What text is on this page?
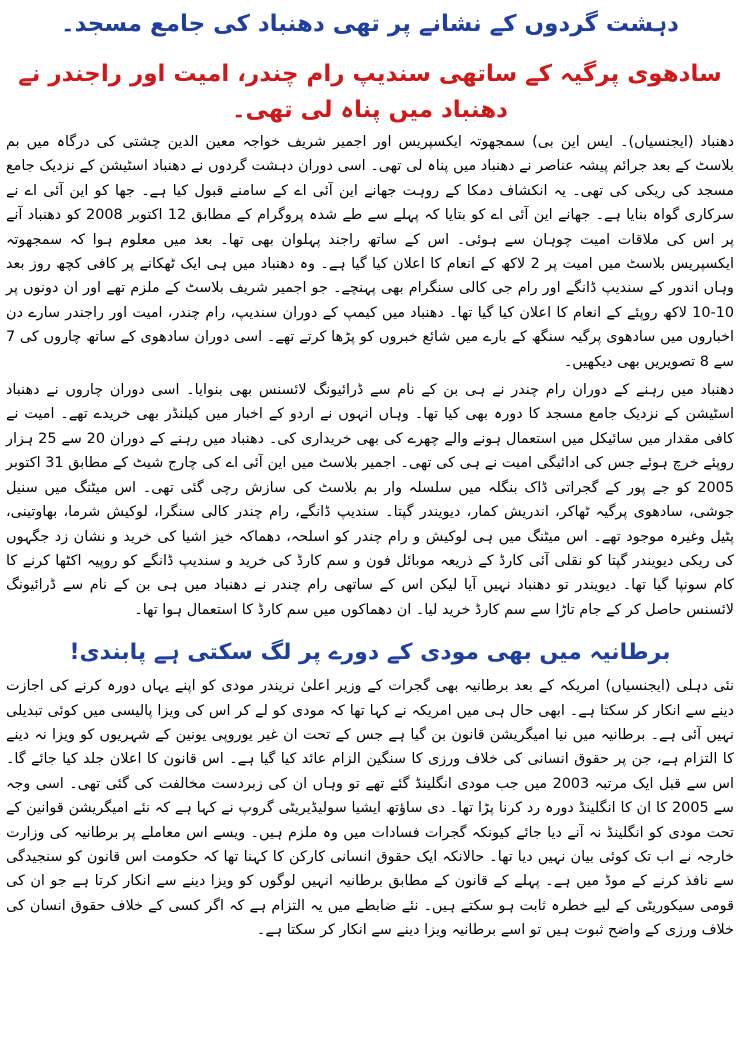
دہشت گردوں کے نشانے پر تھی دھنباد کی جامع مسجد۔
سادھوی پرگیہ کے ساتھی سندیپ رام چندر، امیت اور راجندر نے دھنباد میں پناہ لی تھی۔

دھنباد (ایجنسیاں)۔ ایس این بی) سمجھوتہ ایکسپریس اور اجمیر شریف خواجہ معین الدین چشتی کی درگاہ میں بم بلاسٹ کے بعد جرائم پیشہ عناصر نے دھنباد میں پناہ لی تھی۔ اسی دوران دہشت گردوں نے دھنباد اسٹیشن کے نزدیک جامع مسجد کی ریکی کی تھی۔ یہ انکشاف دمکا کے روہت جھانے این آئی اے کے سامنے قبول کیا ہے۔ جھا کو این آئی اے نے سرکاری گواہ بنایا ہے۔ جھانے این آئی اے کو بتایا کہ پہلے سے طے شدہ پروگرام کے مطابق 12 اکتوبر 2008 کو دھنباد آنے پر اس کی ملاقات امیت چوہان سے ہوئی۔ اس کے ساتھ راجند پہلوان بھی تھا۔ بعد میں معلوم ہوا کہ سمجھوتہ ایکسپریس بلاسٹ میں امیت پر 2 لاکھ کے انعام کا اعلان کیا گیا ہے۔ وہ دھنباد میں ہی ایک ٹھکانے پر کافی کچھ روز بعد وہاں اندور کے سندیپ ڈانگے اور رام جی کالی سنگرام بھی پہنچے۔ جو اجمیر شریف بلاسٹ کے ملزم تھے اور ان دونوں پر 10-10 لاکھ روپئے کے انعام کا اعلان کیا گیا تھا۔ دھنباد میں کیمپ کے دوران سندیپ، رام چندر، امیت اور راجندر سارے دن اخباروں میں سادھوی پرگیہ سنگھ کے بارے میں شائع خبروں کو پڑھا کرتے تھے۔ اسی دوران سادھوی کے ساتھ چاروں کی 7 سے 8 تصویریں بھی دیکھیں۔

دھنباد میں رہنے کے دوران رام چندر نے ہی بن کے نام سے ڈرائیونگ لائسنس بھی بنوایا۔ اسی دوران چاروں نے دھنباد اسٹیشن کے نزدیک جامع مسجد کا دورہ بھی کیا تھا۔ وہاں انہوں نے اردو کے اخبار میں کیلنڈر بھی خریدے تھے۔ امیت نے کافی مقدار میں سائیکل میں استعمال ہونے والے چھرے کی بھی خریداری کی۔ دھنباد میں رہنے کے دوران 20 سے 25 ہزار روپئے خرچ ہوئے جس کی ادائیگی امیت نے ہی کی تھی۔ اجمیر بلاسٹ میں این آئی اے کی چارج شیٹ کے مطابق 31 اکتوبر 2005 کو جے پور کے گجراتی ڈاک بنگلہ میں سلسلہ وار بم بلاسٹ کی سازش رچی گئی تھی۔ اس میٹنگ میں سنیل جوشی، سادھوی پرگیہ ٹھاکر، اندریش کمار، دیویندر گپتا۔ سندیپ ڈانگے، رام چندر کالی سنگرا، لوکیش شرما، بھاوتینی، پٹیل وغیرہ موجود تھے۔ اس میٹنگ میں ہی لوکیش و رام چندر کو اسلحہ، دھماکہ خیز اشیا کی خرید و نشان زد جگہوں کی ریکی دیویندر گپتا کو نقلی آئی کارڈ کے ذریعہ موبائل فون و سم کارڈ کی خرید و سندیپ ڈانگے کو روپیہ اکٹھا کرنے کا کام سونپا گیا تھا۔ دیویندر تو دھنباد نہیں آیا لیکن اس کے ساتھی رام چندر نے دھنباد میں ہی بن کے نام سے ڈرائیونگ لائسنس حاصل کر کے جام تاڑا سے سم کارڈ خرید لیا۔ ان دھماکوں میں سم کارڈ کا استعمال ہوا تھا۔

برطانیہ میں بھی مودی کے دورے پر لگ سکتی ہے پابندی!

نئی دہلی (ایجنسیاں) امریکہ کے بعد برطانیہ بھی گجرات کے وزیر اعلیٰ نریندر مودی کو اپنے یہاں دورہ کرنے کی اجازت دینے سے انکار کر سکتا ہے۔ ابھی حال ہی میں امریکہ نے کہا تھا کہ مودی کو لے کر اس کی ویزا پالیسی میں کوئی تبدیلی نہیں آئی ہے۔ برطانیہ میں نیا امیگریشن قانون بن گیا ہے جس کے تحت ان غیر یوروپی یونین کے شہریوں کو ویزا نہ دینے کا التزام ہے، جن پر حقوق انسانی کی خلاف ورزی کا سنگین الزام عائد کیا گیا ہے۔ اس قانون کا اعلان جلد کیا جائے گا۔ اس سے قبل ایک مرتبہ 2003 میں جب مودی انگلینڈ گئے تھے تو وہاں ان کی زبردست مخالفت کی گئی تھی۔ اسی وجہ سے 2005 کا ان کا انگلینڈ دورہ رد کرنا پڑا تھا۔ دی ساؤتھ ایشیا سولیڈیریٹی گروپ نے کہا ہے کہ نئے امیگریشن قوانین کے تحت مودی کو انگلینڈ نہ آنے دیا جائے کیونکہ گجرات فسادات میں وہ ملزم ہیں۔ ویسے اس معاملے پر برطانیہ کی وزارت خارجہ نے اب تک کوئی بیان نہیں دیا تھا۔ حالانکہ ایک حقوق انسانی کارکن کا کہنا تھا کہ حکومت اس قانون کو سنجیدگی سے نافذ کرنے کے موڈ میں ہے۔ پہلے کے قانون کے مطابق برطانیہ انہیں لوگوں کو ویزا دینے سے انکار کرتا ہے جو ان کی قومی سیکوریٹی کے لیے خطرہ ثابت ہو سکتے ہیں۔ نئے ضابطے میں یہ التزام ہے کہ اگر کسی کے خلاف حقوق انسان کی خلاف ورزی کے واضح ثبوت ہیں تو اسے برطانیہ ویزا دینے سے انکار کر سکتا ہے۔
